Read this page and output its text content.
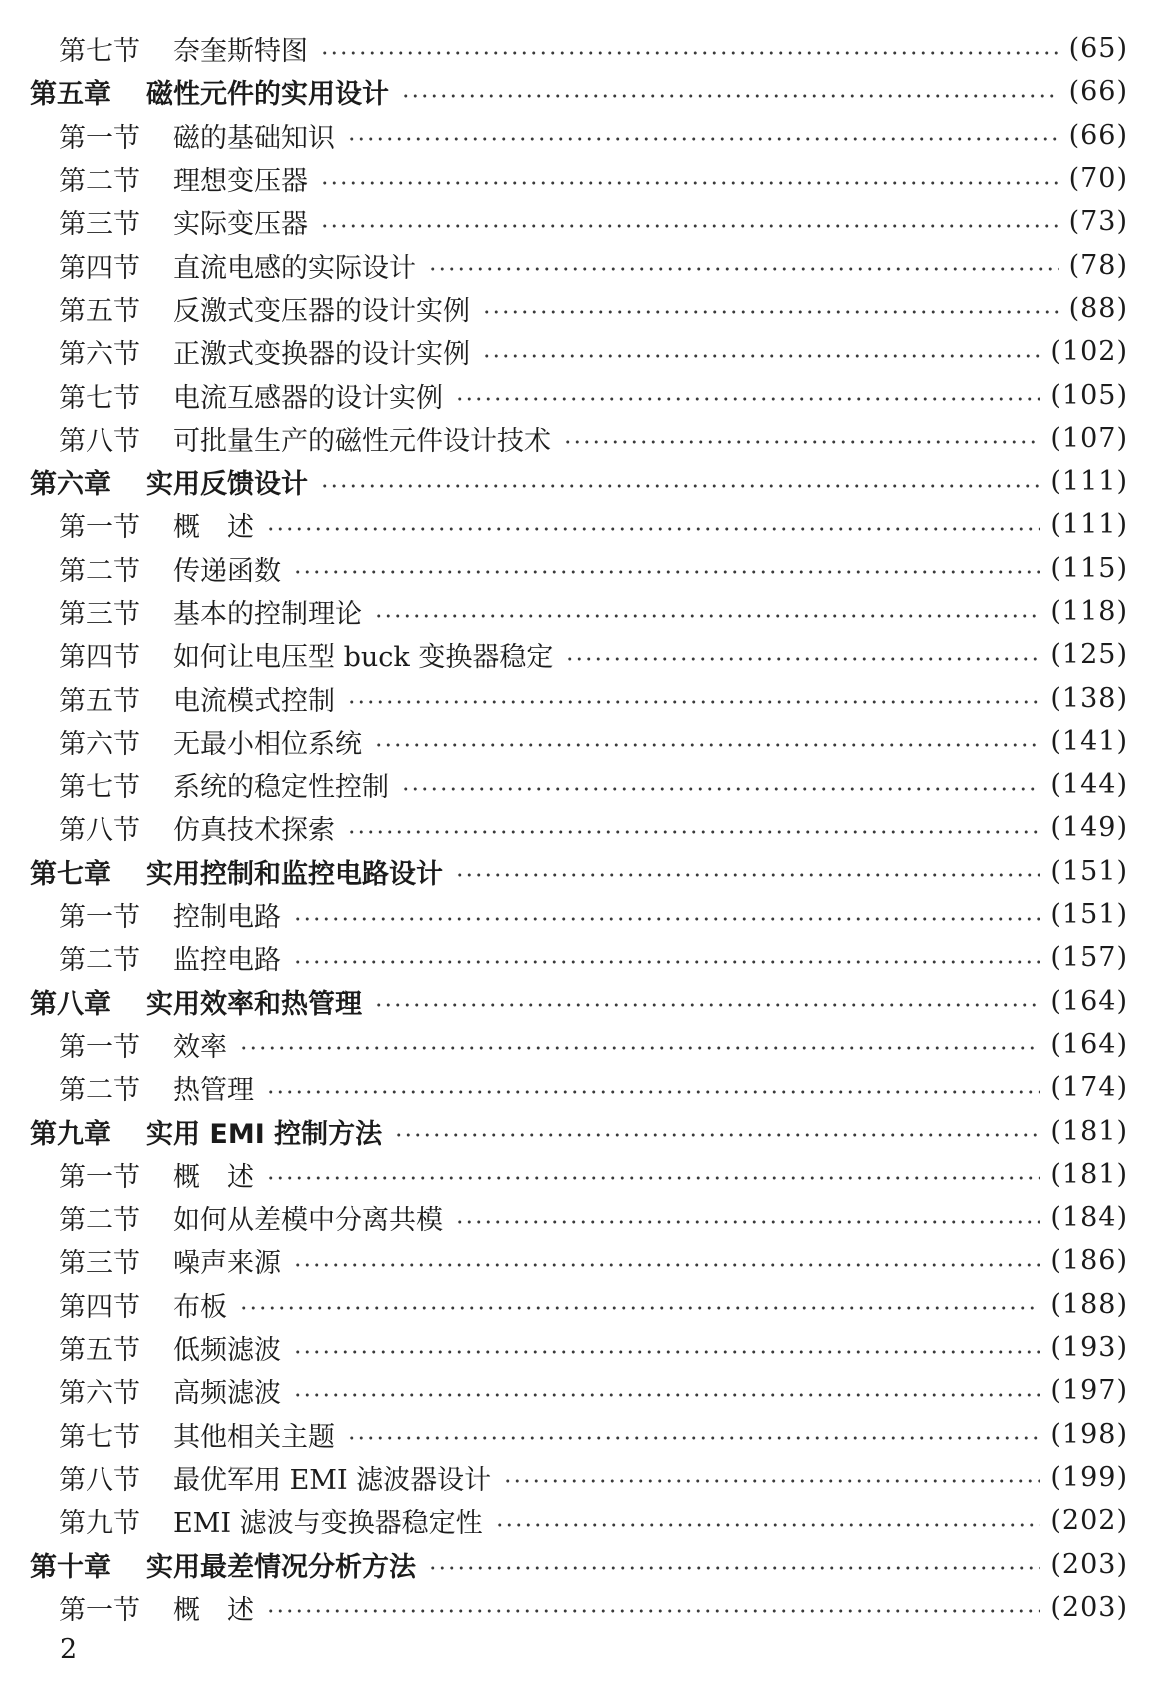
第七节	奈奎斯特图	(65)
第五章	磁性元件的实用设计	(66)
第一节	磁的基础知识	(66)
第二节	理想变压器	(70)
第三节	实际变压器	(73)
第四节	直流电感的实际设计	(78)
第五节	反激式变压器的设计实例	(88)
第六节	正激式变换器的设计实例	(102)
第七节	电流互感器的设计实例	(105)
第八节	可批量生产的磁性元件设计技术	(107)
第六章	实用反馈设计	(111)
第一节	概　述	(111)
第二节	传递函数	(115)
第三节	基本的控制理论	(118)
第四节	如何让电压型 buck 变换器稳定	(125)
第五节	电流模式控制	(138)
第六节	无最小相位系统	(141)
第七节	系统的稳定性控制	(144)
第八节	仿真技术探索	(149)
第七章	实用控制和监控电路设计	(151)
第一节	控制电路	(151)
第二节	监控电路	(157)
第八章	实用效率和热管理	(164)
第一节	效率	(164)
第二节	热管理	(174)
第九章	实用 EMI 控制方法	(181)
第一节	概　述	(181)
第二节	如何从差模中分离共模	(184)
第三节	噪声来源	(186)
第四节	布板	(188)
第五节	低频滤波	(193)
第六节	高频滤波	(197)
第七节	其他相关主题	(198)
第八节	最优军用 EMI 滤波器设计	(199)
第九节	EMI 滤波与变换器稳定性	(202)
第十章	实用最差情况分析方法	(203)
第一节	概　述	(203)
2
